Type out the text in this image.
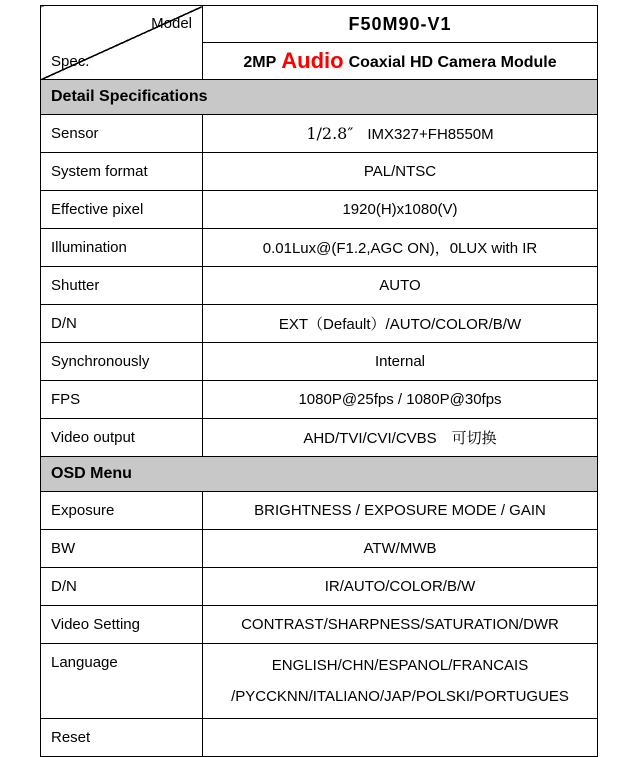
Model
Spec.	F50M90-V1
	2MP Audio Coaxial HD Camera Module
Detail Specifications	
Sensor	1/2.8″ IMX327+FH8550M
System format	PAL/NTSC
Effective pixel	1920(H)x1080(V)
Illumination	0.01Lux@(F1.2,AGC ON)，0LUX with IR
Shutter	AUTO
D/N	EXT（Default）/AUTO/COLOR/B/W
Synchronously	Internal
FPS	1080P@25fps / 1080P@30fps
Video output	AHD/TVI/CVI/CVBS　可切换
OSD Menu	
Exposure	BRIGHTNESS / EXPOSURE MODE / GAIN
BW	ATW/MWB
D/N	IR/AUTO/COLOR/B/W
Video Setting	CONTRAST/SHARPNESS/SATURATION/DWR
Language	ENGLISH/CHN/ESPANOL/FRANCAIS
/PYCCKNN/ITALIANO/JAP/POLSKI/PORTUGUES

Reset	
